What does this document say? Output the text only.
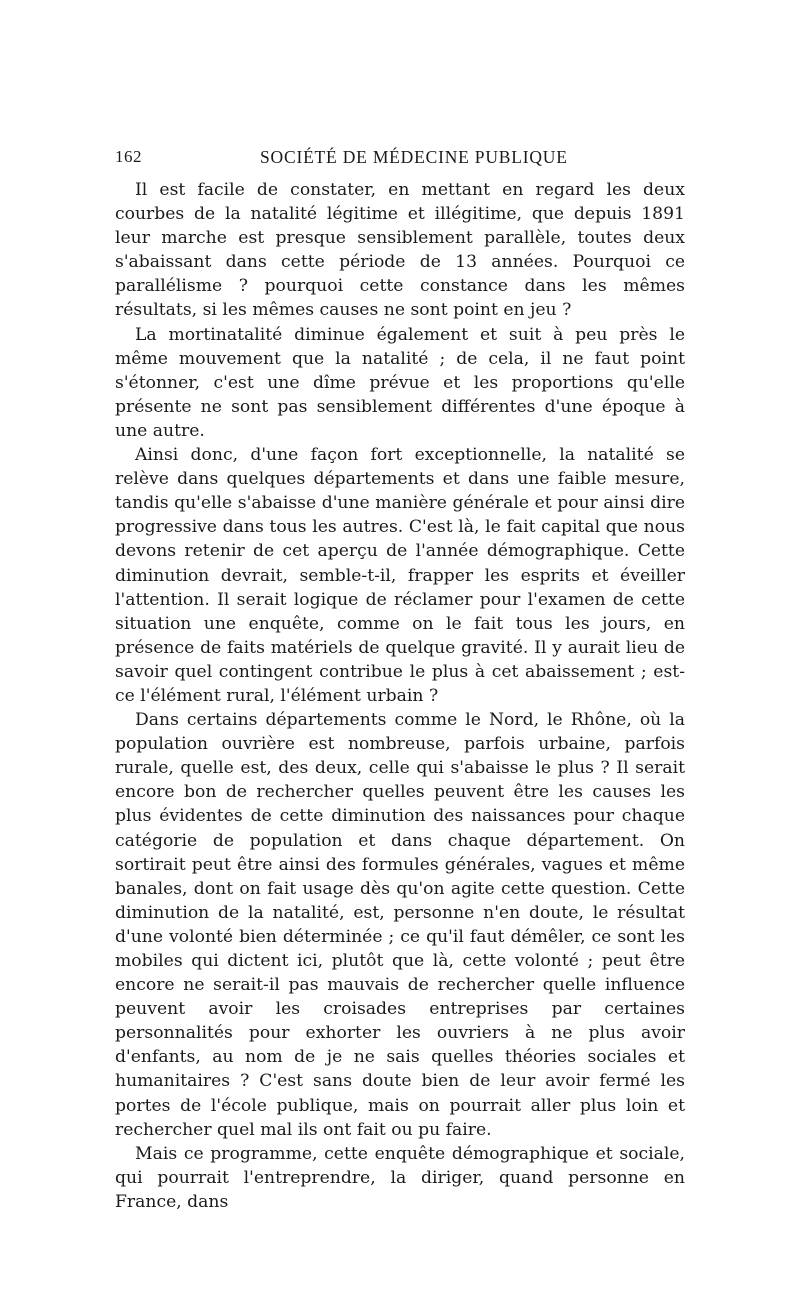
162	SOCIÉTÉ DE MÉDECINE PUBLIQUE

Il est facile de constater, en mettant en regard les deux courbes de la natalité légitime et illégitime, que depuis 1891 leur marche est presque sensiblement parallèle, toutes deux s'abaissant dans cette période de 13 années. Pourquoi ce parallélisme ? pourquoi cette constance dans les mêmes résultats, si les mêmes causes ne sont point en jeu ?

La mortinatalité diminue également et suit à peu près le même mouvement que la natalité ; de cela, il ne faut point s'étonner, c'est une dîme prévue et les proportions qu'elle présente ne sont pas sensiblement différentes d'une époque à une autre.

Ainsi donc, d'une façon fort exceptionnelle, la natalité se relève dans quelques départements et dans une faible mesure, tandis qu'elle s'abaisse d'une manière générale et pour ainsi dire progressive dans tous les autres. C'est là, le fait capital que nous devons retenir de cet aperçu de l'année démographique. Cette diminution devrait, semble-t-il, frapper les esprits et éveiller l'attention. Il serait logique de réclamer pour l'examen de cette situation une enquête, comme on le fait tous les jours, en présence de faits matériels de quelque gravité. Il y aurait lieu de savoir quel contingent contribue le plus à cet abaissement ; est-ce l'élément rural, l'élément urbain ?

Dans certains départements comme le Nord, le Rhône, où la population ouvrière est nombreuse, parfois urbaine, parfois rurale, quelle est, des deux, celle qui s'abaisse le plus ? Il serait encore bon de rechercher quelles peuvent être les causes les plus évidentes de cette diminution des naissances pour chaque catégorie de population et dans chaque département. On sortirait peut être ainsi des formules générales, vagues et même banales, dont on fait usage dès qu'on agite cette question. Cette diminution de la natalité, est, personne n'en doute, le résultat d'une volonté bien déterminée ; ce qu'il faut démêler, ce sont les mobiles qui dictent ici, plutôt que là, cette volonté ; peut être encore ne serait-il pas mauvais de rechercher quelle influence peuvent avoir les croisades entreprises par certaines personnalités pour exhorter les ouvriers à ne plus avoir d'enfants, au nom de je ne sais quelles théories sociales et humanitaires ? C'est sans doute bien de leur avoir fermé les portes de l'école publique, mais on pourrait aller plus loin et rechercher quel mal ils ont fait ou pu faire.

Mais ce programme, cette enquête démographique et sociale, qui pourrait l'entreprendre, la diriger, quand personne en France, dans
